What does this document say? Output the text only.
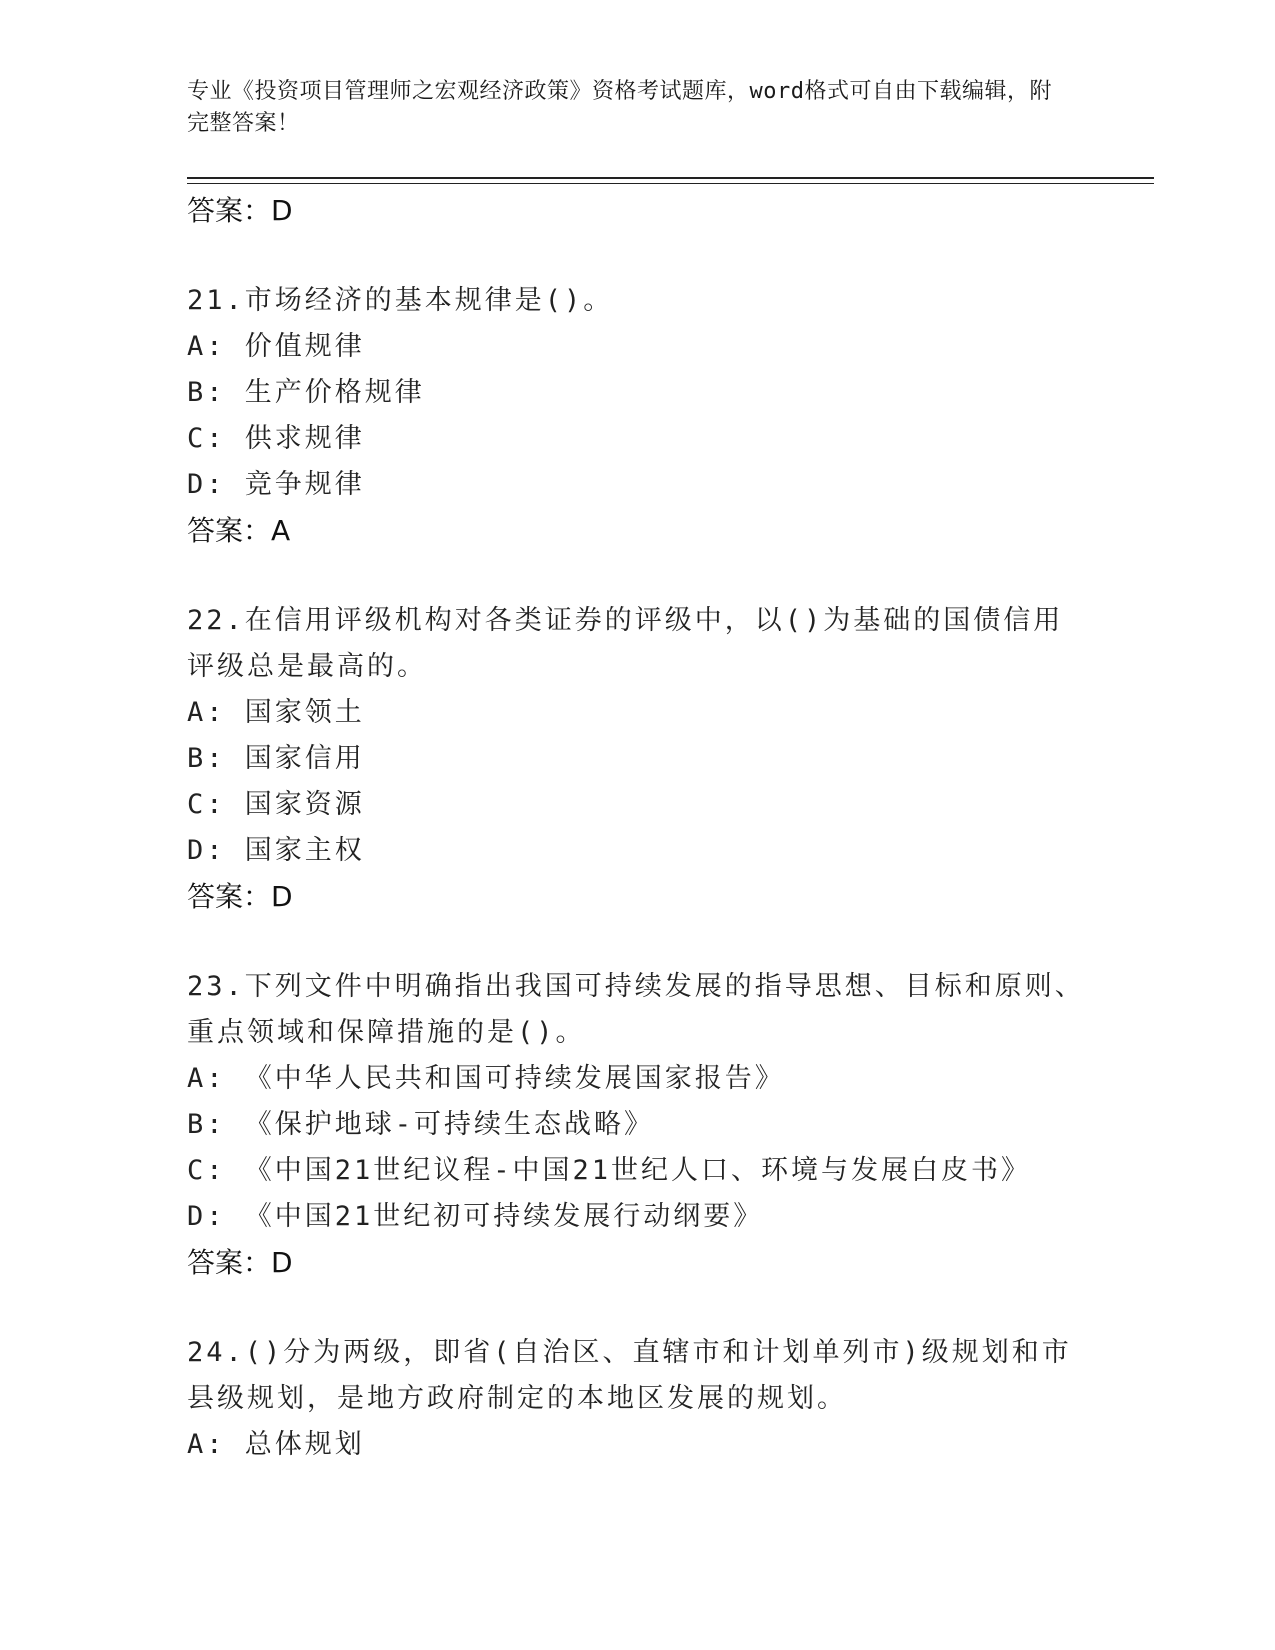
专业《投资项目管理师之宏观经济政策》资格考试题库，word格式可自由下载编辑，附完整答案！
答案：D
21.市场经济的基本规律是()。
A: 价值规律
B: 生产价格规律
C: 供求规律
D: 竞争规律
答案：A
22.在信用评级机构对各类证券的评级中，以()为基础的国债信用评级总是最高的。
A: 国家领土
B: 国家信用
C: 国家资源
D: 国家主权
答案：D
23.下列文件中明确指出我国可持续发展的指导思想、目标和原则、重点领域和保障措施的是()。
A: 《中华人民共和国可持续发展国家报告》
B: 《保护地球-可持续生态战略》
C: 《中国21世纪议程-中国21世纪人口、环境与发展白皮书》
D: 《中国21世纪初可持续发展行动纲要》
答案：D
24.()分为两级，即省(自治区、直辖市和计划单列市)级规划和市县级规划，是地方政府制定的本地区发展的规划。
A: 总体规划
